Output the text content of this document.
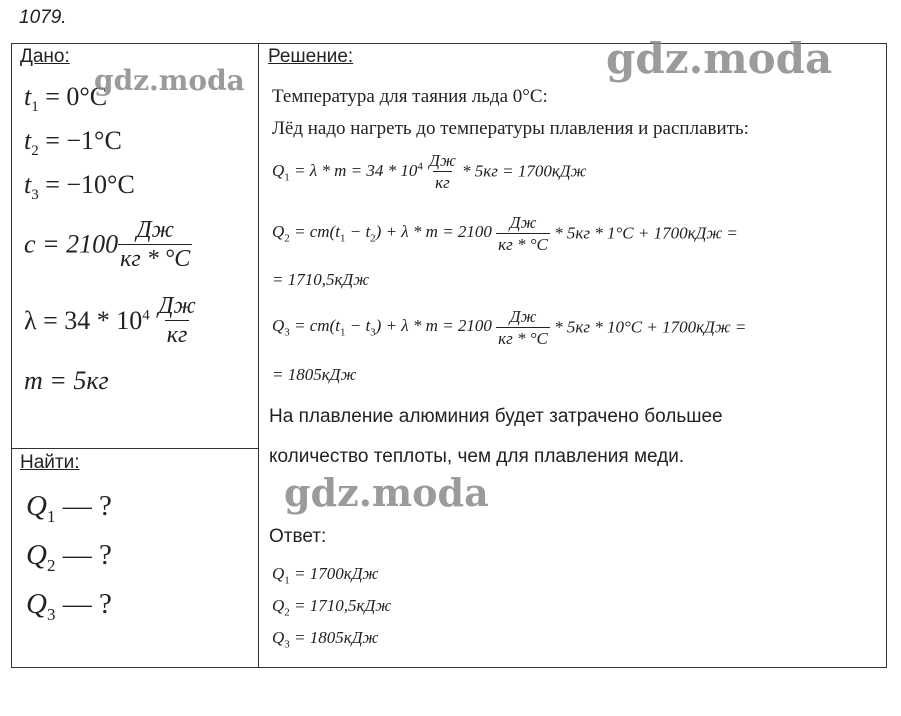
1079.
Дано:
$t_1 = 0^\circ C$
$t_2 = -1^\circ C$
$t_3 = -10^\circ C$
$c = 2100 \frac{Дж}{кг * ^\circ C}$
$\lambda = 34 * 10^4 \frac{Дж}{кг}$
m = 5кг
Найти:
$Q_1$ — ?
$Q_2$ — ?
$Q_3$ — ?
Решение:
Температура для таяния льда 0°C:
Лёд надо нагреть до температуры плавления и расплавить:
$Q_1 = \lambda * m = 34 * 10^4 \frac{Дж}{кг} * 5кг = 1700кДж$
$Q_2 = cm(t_1 - t_2) + \lambda * m = 2100 \frac{Дж}{кг * ^\circ C} * 5кг * 1^\circ C + 1700кДж$ =
= 1710,5кДж
$Q_3 = cm(t_1 - t_3) + \lambda * m = 2100 \frac{Дж}{кг * ^\circ C} * 5кг * 10^\circ C + 1700кДж$ =
= 1805кДж
На плавление алюминия будет затрачено большее
количество теплоты, чем для плавления меди.
Ответ:
$Q_1 = 1700кДж$
$Q_2 = 1710,5кДж$
$Q_3 = 1805кДж$
gdz.moda
gdz.moda
gdz.moda
